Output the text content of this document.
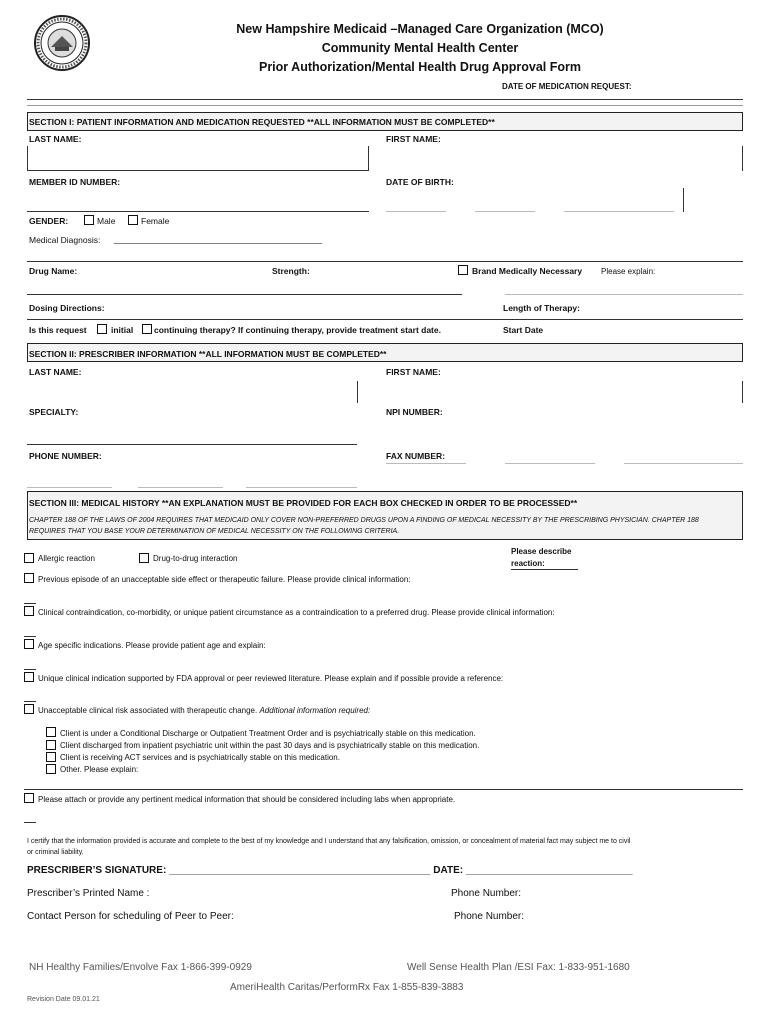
New Hampshire Medicaid –Managed Care Organization (MCO)
Community Mental Health Center
Prior Authorization/Mental Health Drug Approval Form
DATE OF MEDICATION REQUEST:
SECTION I: PATIENT INFORMATION AND MEDICATION REQUESTED **ALL INFORMATION MUST BE COMPLETED**
LAST NAME:	FIRST NAME:
MEMBER ID NUMBER:	DATE OF BIRTH:
GENDER:	Male	Female
Medical Diagnosis: ____________________________________________
Drug Name:	Strength:	Brand Medically Necessary Please explain:
Dosing Directions:	Length of Therapy:
Is this request	initial continuing therapy? If continuing therapy, provide treatment start date.	Start Date
SECTION II: PRESCRIBER INFORMATION **ALL INFORMATION MUST BE COMPLETED**
LAST NAME:	FIRST NAME:
SPECIALTY:	NPI NUMBER:
PHONE NUMBER:	FAX NUMBER:
SECTION III: MEDICAL HISTORY **AN EXPLANATION MUST BE PROVIDED FOR EACH BOX CHECKED IN ORDER TO BE PROCESSED**
CHAPTER 188 OF THE LAWS OF 2004 REQUIRES THAT MEDICAID ONLY COVER NON-PREFERRED DRUGS UPON A FINDING OF MEDICAL NECESSITY BY THE PRESCRIBING PHYSICIAN. CHAPTER 188
REQUIRES THAT YOU BASE YOUR DETERMINATION OF MEDICAL NECESSITY ON THE FOLLOWING CRITERIA.
Allergic reaction	Drug-to-drug interaction
Please describe
reaction:
Previous episode of an unacceptable side effect or therapeutic failure. Please provide clinical information:
Clinical contraindication, co-morbidity, or unique patient circumstance as a contraindication to a preferred drug. Please provide clinical information:
Age specific indications. Please provide patient age and explain:
Unique clinical indication supported by FDA approval or peer reviewed literature. Please explain and if possible provide a reference:
Unacceptable clinical risk associated with therapeutic change. Additional information required:
Client is under a Conditional Discharge or Outpatient Treatment Order and is psychiatrically stable on this medication.
Client discharged from inpatient psychiatric unit within the past 30 days and is psychiatrically stable on this medication.
Client is receiving ACT services and is psychiatrically stable on this medication.
Other. Please explain:
Please attach or provide any pertinent medical information that should be considered including labs when appropriate.
I certify that the information provided is accurate and complete to the best of my knowledge and I understand that any falsification, omission, or concealment of material fact may subject me to civil
or criminal liability.
PRESCRIBER’S SIGNATURE: _______________________________________________ DATE: ______________________________
Prescriber’s Printed Name :	Phone Number:
Contact Person for scheduling of Peer to Peer:	Phone Number:
NH Healthy Families/Envolve Fax 1-866-399-0929	Well Sense Health Plan /ESI Fax: 1-833-951-1680
AmeriHealth Caritas/PerformRx Fax 1-855-839-3883
Revision Date 09.01.21
